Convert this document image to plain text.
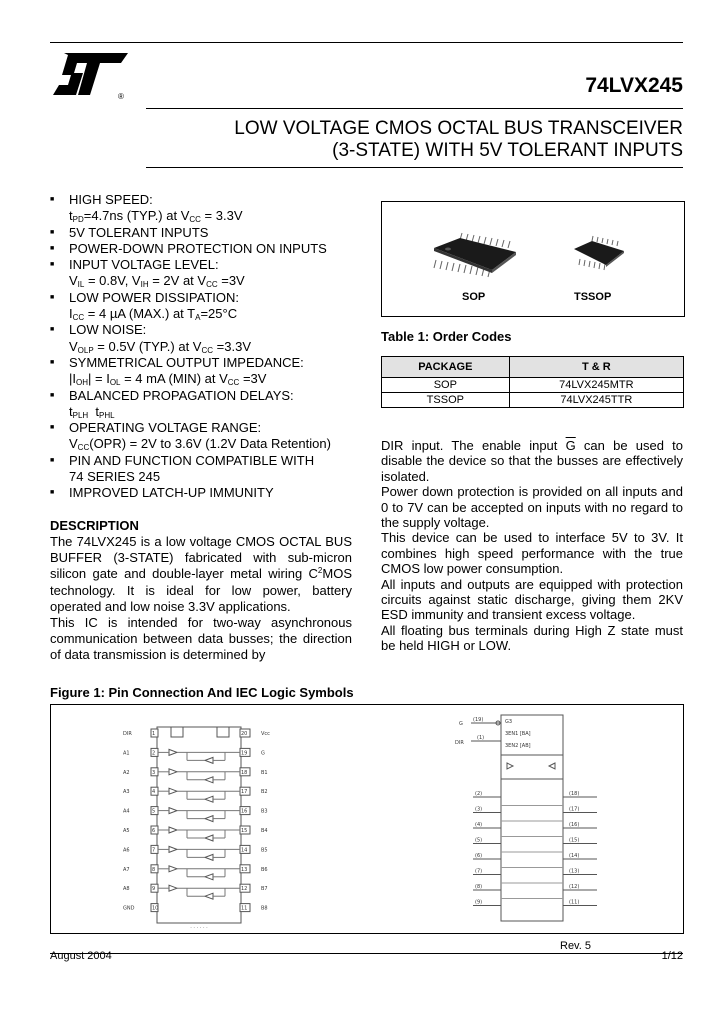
®	74LVX245
LOW VOLTAGE CMOS OCTAL BUS TRANSCEIVER
(3-STATE) WITH 5V TOLERANT INPUTS
■ HIGH SPEED:
$t_{PD}=4.7ns$ (TYP.) at $V_{CC} = 3.3V$
■ 5V TOLERANT INPUTS
■ POWER-DOWN PROTECTION ON INPUTS
■ INPUT VOLTAGE LEVEL:
$V_{IL} = 0.8V$, $V_{IH} = 2V$ at $V_{CC} =3V$
■ LOW POWER DISSIPATION:
$I_{CC} = 4$ µA (MAX.) at $T_A=25^\circ C$
■ LOW NOISE:
$V_{OLP} = 0.5V$ (TYP.) at $V_{CC} =3.3V$
■ SYMMETRICAL OUTPUT IMPEDANCE:
$|I_{OH}| = I_{OL} = 4$ mA (MIN) at $V_{CC} =3V$
■ BALANCED PROPAGATION DELAYS:
$t_{PLH}$  $t_{PHL}$
■ OPERATING VOLTAGE RANGE:
$V_{CC}(OPR) = 2V$ to 3.6V (1.2V Data Retention)
■ PIN AND FUNCTION COMPATIBLE WITH
74 SERIES 245
■ IMPROVED LATCH-UP IMMUNITY
SOP	TSSOP
Table 1: Order Codes
PACKAGE	T & R
SOP	74LVX245MTR
TSSOP	74LVX245TTR
DESCRIPTION
The 74LVX245 is a low voltage CMOS OCTAL BUS BUFFER (3-STATE) fabricated with sub-micron silicon gate and double-layer metal wiring $C^2MOS$ technology. It is ideal for low power, battery operated and low noise 3.3V applications.
This IC is intended for two-way asynchronous communication between data busses; the direction of data transmission is determined by
DIR input. The enable input $\overline{G}$ can be used to disable the device so that the busses are effectively isolated.
Power down protection is provided on all inputs and 0 to 7V can be accepted on inputs with no regard to the supply voltage.
This device can be used to interface 5V to 3V. It combines high speed performance with the true CMOS low power consumption.
All inputs and outputs are equipped with protection circuits against static discharge, giving them 2KV ESD immunity and transient excess voltage.
All floating bus terminals during High Z state must be held HIGH or LOW.
Figure 1: Pin Connection And IEC Logic Symbols
DIR	1	20	Vcc
A1	2	19	G
A2	3	18	B1
A3	4	17	B2
A4	5	16	B3
A5	6	15	B4
A6	7	14	B5
A7	8	13	B6
A8	9	12	B7
GND	10	11	B8
· · · · · ·
(19)
(1)
G
DIR
G3
3EN1 [BA]
3EN2 [AB]
(2)	(18)
(3)	(17)
(4)	(16)
(5)	(15)
(6)	(14)
(7)	(13)
(8)	(12)
(9)	(11)
Rev. 5
August 2004	1/12
